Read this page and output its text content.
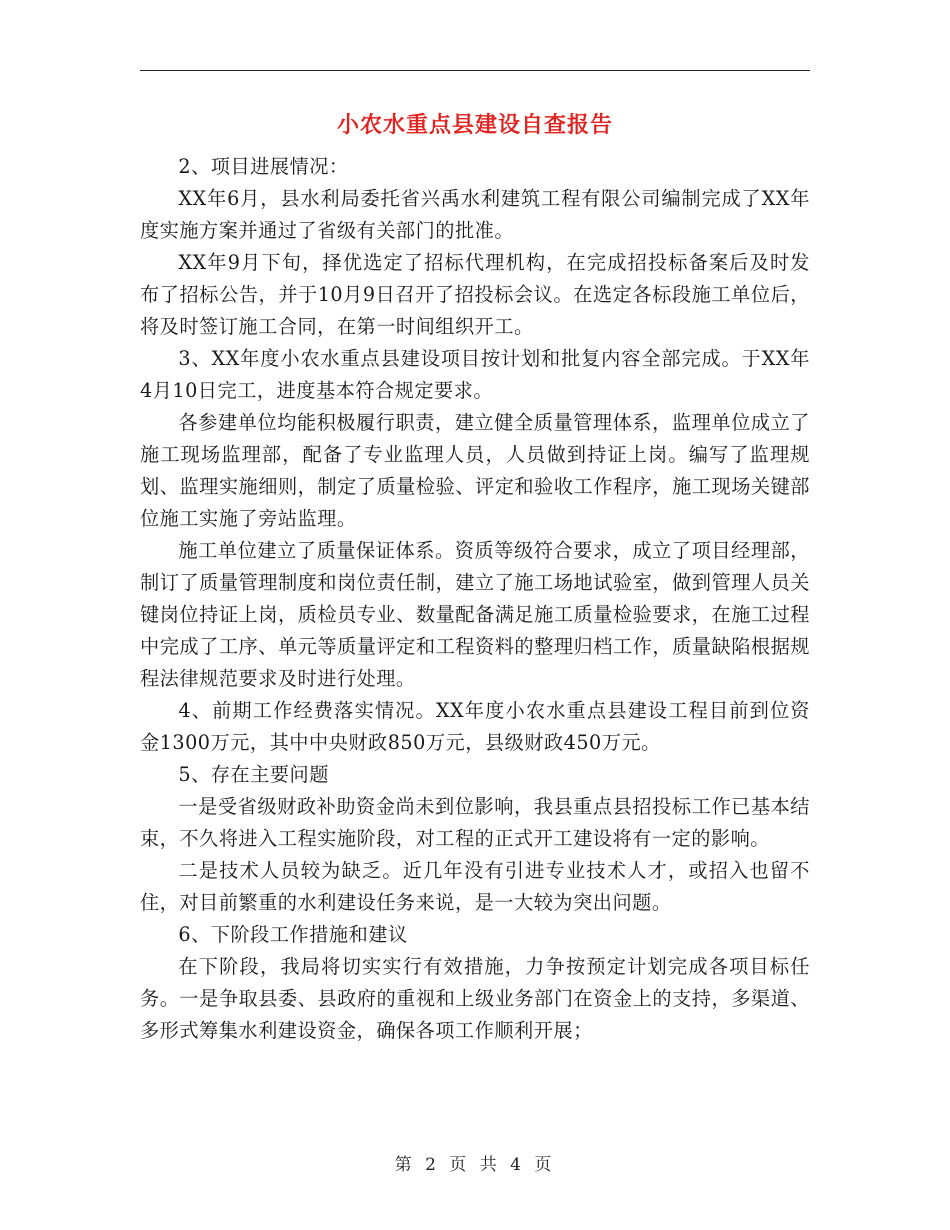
小农水重点县建设自查报告

2、项目进展情况：

XX年6月，县水利局委托省兴禹水利建筑工程有限公司编制完成了XX年度实施方案并通过了省级有关部门的批准。

XX年9月下旬，择优选定了招标代理机构，在完成招投标备案后及时发布了招标公告，并于10月9日召开了招投标会议。在选定各标段施工单位后，将及时签订施工合同，在第一时间组织开工。

3、XX年度小农水重点县建设项目按计划和批复内容全部完成。于XX年4月10日完工，进度基本符合规定要求。

各参建单位均能积极履行职责，建立健全质量管理体系，监理单位成立了施工现场监理部，配备了专业监理人员，人员做到持证上岗。编写了监理规划、监理实施细则，制定了质量检验、评定和验收工作程序，施工现场关键部位施工实施了旁站监理。

施工单位建立了质量保证体系。资质等级符合要求，成立了项目经理部，制订了质量管理制度和岗位责任制，建立了施工场地试验室，做到管理人员关键岗位持证上岗，质检员专业、数量配备满足施工质量检验要求，在施工过程中完成了工序、单元等质量评定和工程资料的整理归档工作，质量缺陷根据规程法律规范要求及时进行处理。

4、前期工作经费落实情况。XX年度小农水重点县建设工程目前到位资金1300万元，其中中央财政850万元，县级财政450万元。

5、存在主要问题

一是受省级财政补助资金尚未到位影响，我县重点县招投标工作已基本结束，不久将进入工程实施阶段，对工程的正式开工建设将有一定的影响。

二是技术人员较为缺乏。近几年没有引进专业技术人才，或招入也留不住，对目前繁重的水利建设任务来说，是一大较为突出问题。

6、下阶段工作措施和建议

在下阶段，我局将切实实行有效措施，力争按预定计划完成各项目标任务。一是争取县委、县政府的重视和上级业务部门在资金上的支持，多渠道、多形式筹集水利建设资金，确保各项工作顺利开展；

第 2 页 共 4 页
